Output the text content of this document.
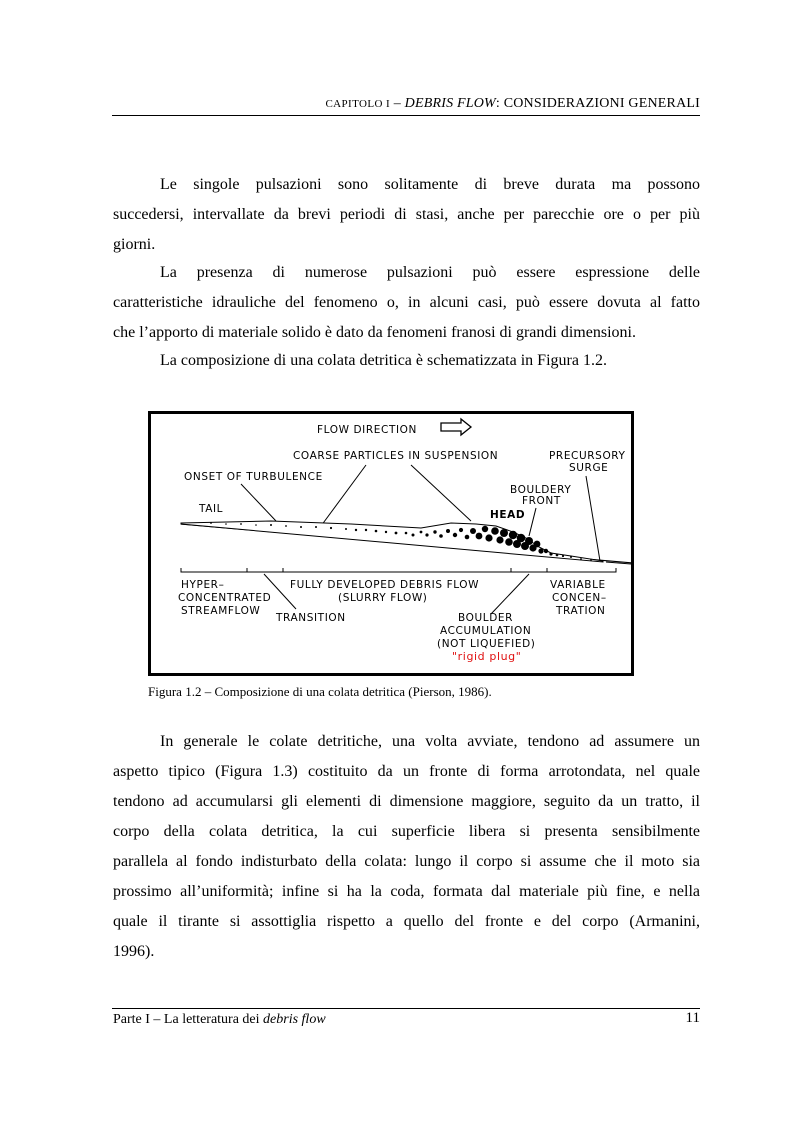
CAPITOLO I – DEBRIS FLOW: CONSIDERAZIONI GENERALI
Le singole pulsazioni sono solitamente di breve durata ma possono
succedersi, intervallate da brevi periodi di stasi, anche per parecchie ore o per più
giorni.
La presenza di numerose pulsazioni può essere espressione delle
caratteristiche idrauliche del fenomeno o, in alcuni casi, può essere dovuta al fatto
che l’apporto di materiale solido è dato da fenomeni franosi di grandi dimensioni.
La composizione di una colata detritica è schematizzata in Figura 1.2.
FLOW DIRECTION
COARSE PARTICLES IN SUSPENSION
ONSET OF TURBULENCE
PRECURSORY
SURGE
BOULDERY
FRONT
TAIL	HEAD
HYPER–
CONCENTRATED
STREAMFLOW
TRANSITION
FULLY DEVELOPED DEBRIS FLOW
(SLURRY FLOW)
VARIABLE
CONCEN–
TRATION
BOULDER
ACCUMULATION
(NOT LIQUEFIED)
"rigid plug"
Figura 1.2 – Composizione di una colata detritica (Pierson, 1986).
In generale le colate detritiche, una volta avviate, tendono ad assumere un
aspetto tipico (Figura 1.3) costituito da un fronte di forma arrotondata, nel quale
tendono ad accumularsi gli elementi di dimensione maggiore, seguito da un tratto, il
corpo della colata detritica, la cui superficie libera si presenta sensibilmente
parallela al fondo indisturbato della colata: lungo il corpo si assume che il moto sia
prossimo all’uniformità; infine si ha la coda, formata dal materiale più fine, e nella
quale il tirante si assottiglia rispetto a quello del fronte e del corpo (Armanini,
1996).
Parte I – La letteratura dei debris flow	11
